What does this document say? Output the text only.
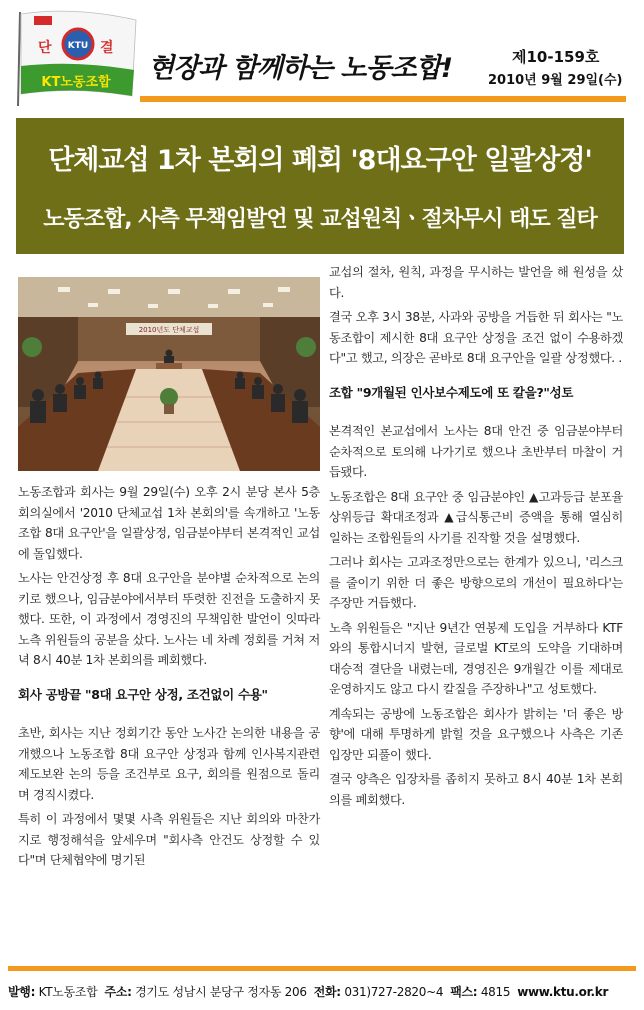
단	결
KTU
KT노동조합 현장과 함께하는 노동조합!	제10-159호
2010년 9월 29일(수)
단체교섭 1차 본회의 폐회 '8대요구안 일괄상정'
노동조합, 사측 무책임발언 및 교섭원칙ㆍ절차무시 태도 질타
2010년도 단체교섭

노동조합과 회사는 9월 29일(수) 오후 2시 분당 본사 5층 회의실에서 '2010 단체교섭 1차 본회의'를 속개하고 '노동조합 8대 요구안'을 일괄상정, 임금분야부터 본격적인 교섭에 돌입했다.

노사는 안건상정 후 8대 요구안을 분야별 순차적으로 논의키로 했으나, 임금분야에서부터 뚜렷한 진전을 도출하지 못했다. 또한, 이 과정에서 경영진의 무책임한 발언이 잇따라 노측 위원들의 공분을 샀다. 노사는 네 차례 정회를 거쳐 저녁 8시 40분 1차 본회의를 폐회했다.

회사 공방끝 "8대 요구안 상정, 조건없이 수용"

초반, 회사는 지난 정회기간 동안 노사간 논의한 내용을 공개했으나 노동조합 8대 요구안 상정과 함께 인사복지관련 제도보완 논의 등을 조건부로 요구, 회의를 원점으로 돌리며 경직시켰다.

특히 이 과정에서 몇몇 사측 위원들은 지난 회의와 마찬가지로 행정해석을 앞세우며 "회사측 안건도 상정할 수 있다"며 단체협약에 명기된

교섭의 절차, 원칙, 과정을 무시하는 발언을 해 원성을 샀다.

결국 오후 3시 38분, 사과와 공방을 거듭한 뒤 회사는 "노동조합이 제시한 8대 요구안 상정을 조건 없이 수용하겠다"고 했고, 의장은 곧바로 8대 요구안을 일괄 상정했다. .

조합 "9개월된 인사보수제도에 또 칼을?"성토

본격적인 본교섭에서 노사는 8대 안건 중 임금분야부터 순차적으로 토의해 나가기로 했으나 초반부터 마찰이 거듭됐다.

노동조합은 8대 요구안 중 임금분야인 ▲고과등급 분포율 상위등급 확대조정과 ▲급식통근비 증액을 통해 열심히 일하는 조합원들의 사기를 진작할 것을 설명했다.

그러나 회사는 고과조정만으로는 한계가 있으니, '리스크를 줄이기 위한 더 좋은 방향으로의 개선이 필요하다'는 주장만 거듭했다.

노측 위원들은 "지난 9년간 연봉제 도입을 거부하다 KTF와의 통합시너지 발현, 글로벌 KT로의 도약을 기대하며 대승적 결단을 내렸는데, 경영진은 9개월간 이를 제대로 운영하지도 않고 다시 칼질을 주장하나"고 성토했다.

계속되는 공방에 노동조합은 회사가 밝히는 '더 좋은 방향'에 대해 투명하게 밝힐 것을 요구했으나 사측은 기존 입장만 되풀이 했다.

결국 양측은 입장차를 좁히지 못하고 8시 40분 1차 본회의를 폐회했다.

발행: KT노동조합 주소: 경기도 성남시 분당구 정자동 206 전화: 031)727-2820~4 팩스: 4815 www.ktu.or.kr
